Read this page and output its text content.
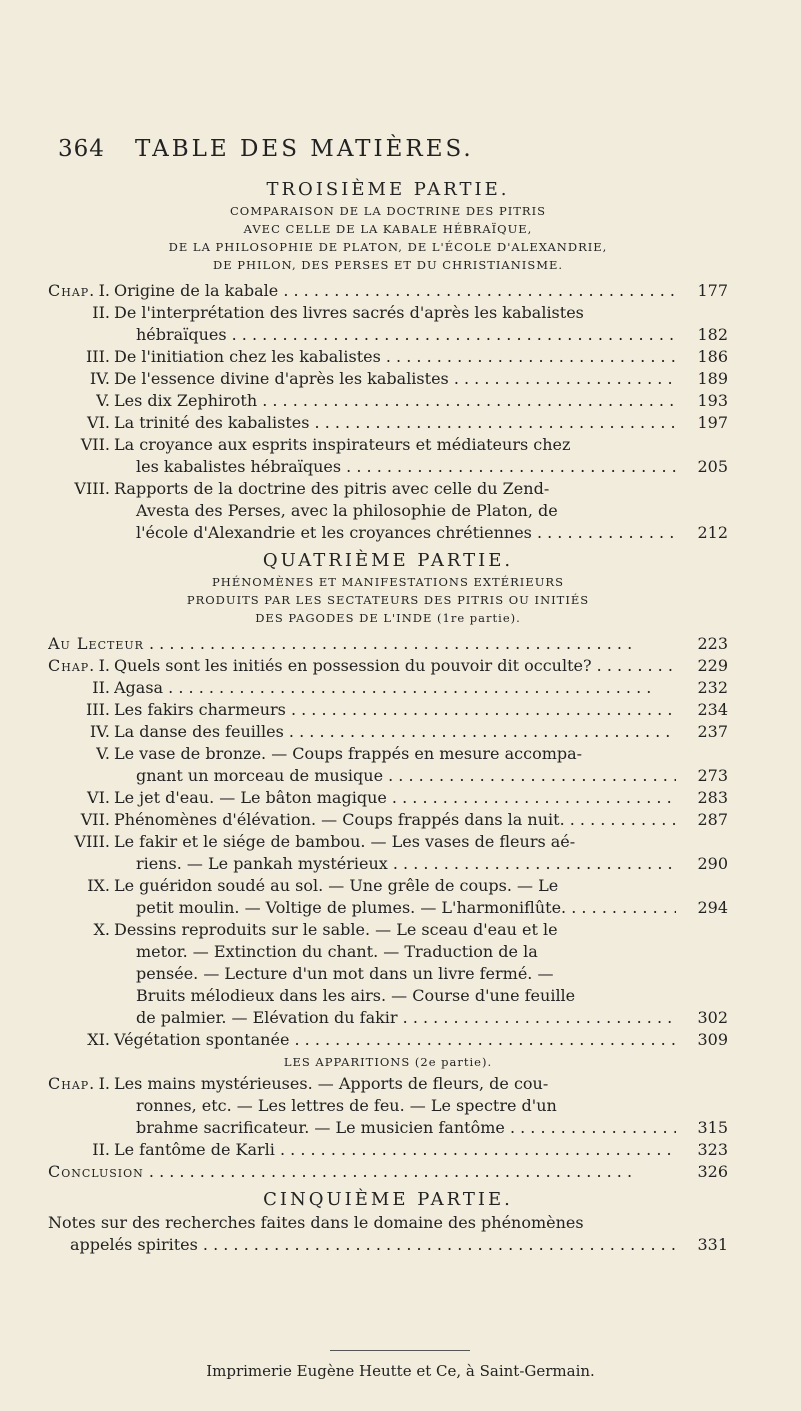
364 TABLE DES MATIÈRES.
TROISIÈME PARTIE.
COMPARAISON DE LA DOCTRINE DES PITRIS
AVEC CELLE DE LA KABALE HÉBRAÏQUE,
DE LA PHILOSOPHIE DE PLATON, DE L'ÉCOLE D'ALEXANDRIE,
DE PHILON, DES PERSES ET DU CHRISTIANISME.
Chap. I. Origine de la kabale . . .	177
II. De l'interprétation des livres sacrés d'après les kabalistes
hébraïques . . .	182
III. De l'initiation chez les kabalistes . . .	186
IV. De l'essence divine d'après les kabalistes . . .	189
V. Les dix Zephiroth . . .	193
VI. La trinité des kabalistes . . .	197
VII. La croyance aux esprits inspirateurs et médiateurs chez
les kabalistes hébraïques . . .	205
VIII. Rapports de la doctrine des pitris avec celle du Zend-
Avesta des Perses, avec la philosophie de Platon, de
l'école d'Alexandrie et les croyances chrétiennes . . .	212
QUATRIÈME PARTIE.
PHÉNOMÈNES ET MANIFESTATIONS EXTÉRIEURS
PRODUITS PAR LES SECTATEURS DES PITRIS OU INITIÉS
DES PAGODES DE L'INDE (1re partie).
Au Lecteur . . .	223
Chap. I. Quels sont les initiés en possession du pouvoir dit occulte? . . .	229
II. Agasa . . .	232
III. Les fakirs charmeurs . . .	234
IV. La danse des feuilles . . .	237
V. Le vase de bronze. — Coups frappés en mesure accompa-
gnant un morceau de musique . . .	273
VI. Le jet d'eau. — Le bâton magique . . .	283
VII. Phénomènes d'élévation. — Coups frappés dans la nuit. . . .	287
VIII. Le fakir et le siége de bambou. — Les vases de fleurs aé-
riens. — Le pankah mystérieux . . .	290
IX. Le guéridon soudé au sol. — Une grêle de coups. — Le
petit moulin. — Voltige de plumes. — L'harmoniflûte. . . .	294
X. Dessins reproduits sur le sable. — Le sceau d'eau et le
metor. — Extinction du chant. — Traduction de la
pensée. — Lecture d'un mot dans un livre fermé. —
Bruits mélodieux dans les airs. — Course d'une feuille
de palmier. — Elévation du fakir . . .	302
XI. Végétation spontanée . . .	309
LES APPARITIONS (2e partie).
Chap. I. Les mains mystérieuses. — Apports de fleurs, de cou-
ronnes, etc. — Les lettres de feu. — Le spectre d'un
brahme sacrificateur. — Le musicien fantôme . . .	315
II. Le fantôme de Karli . . .	323
Conclusion . . .	326
CINQUIÈME PARTIE.
Notes sur des recherches faites dans le domaine des phénomènes
appelés spirites . . .	331
Imprimerie Eugène Heutte et Ce, à Saint-Germain.
